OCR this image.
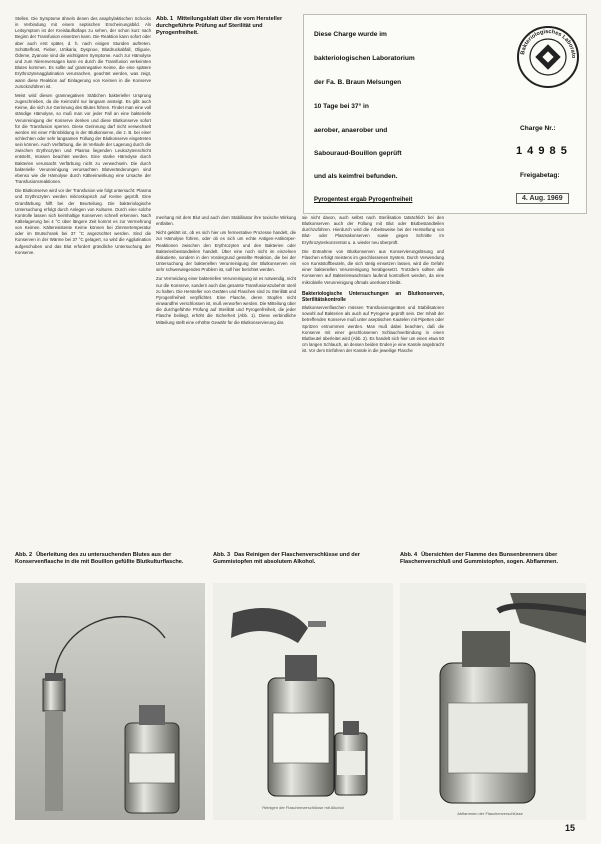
Stellen. Die Symptome ähneln denen des anaphylaktischen Schocks in Verbindung mit einem septischen Erscheinungsbild. Als Leitsymptom ist der Kreislaufkollaps zu sehen, der schon kurz nach Beginn der Transfusion einsetzen kann. Die Reaktion kann sofort oder aber auch erst später, d. h. nach einigen Stunden auftreten. Schüttelfrost, Fieber, Urtikaria, Dyspnoe, Blutdruckabfall, Oligurie, Ödeme, Zyanose sind die wichtigsten Symptome. Auch zur Hämolyse und zum Nierenversagen kann es durch die Transfusion verkeimten Blutes kommen. Es sollte auf gramnegative Keime, die eine spätere Erythrozytenagglutination verursachen, geachtet werden, was zeigt, wann diese Reaktion auf Einlagerung von Keimen in die Konserve zurückzuführen ist.

Meist wird diesen gramnegativen Stäbchen bakterieller Ursprung zugeschrieben, da die Keimzahl nur langsam ansteigt. Es gibt auch Keime, die sich zur Gerinnung des Blutes führen. Findet man eine voll ständige Hämolyse, so muß man vor jeder Fall an eine bakterielle Verunreinigung der Konserve denken und diese Blutkonserve sofort für die Transfusion sperren. Diese Gerinnung darf nicht verwechselt werden mit einer Fibrinbildung in der Blutkonserve, die z. B. bei einer schlechten oder sehr langsamen Füllung der Blutkonserve eingetreten sein können. Auch Verfärbung, die im Verlaufe der Lagerung durch die zwischen Erythrozyten und Plasma liegenden Leukozytenschicht entsteht, müssen beachtet werden. Eine starke Hämolyse durch Bakterien verursacht Verfärbung nicht zu verwechseln. Die durch bakterielle Verunreinigung verursachten Blutveränderungen sind ebenso wie die Hämolyse durch Kälteeinwirkung eine Ursache der Transfusionsreaktionen.

Die Blutkonserve wird vor der Transfusion wie folgt untersucht: Plasma und Erythrozyten werden mikroskopisch auf Keime geprüft. Eine Gramfärbung hilft bei der Beurteilung. Die bakteriologische Untersuchung erfolgt durch Anlegen von Kulturen. Durch eine solche Kontrolle lassen sich keimhaltige Konserven schnell erkennen. Nach Kältelagerung bei 4 °C über längere Zeit kommt es zur Vermehrung von Keimen. Kälteresistente Keime können bei Zimmertemperatur oder im Brutschrank bei 37 °C angezüchtet werden. Sind die Konserven in der Wärme bei 37 °C gelagert, so wird die Agglutination aufgeschoben und das Blut erfordert gründliche Untersuchung der Konserve.

Abb. 1 Mitteilungsblatt über die vom Hersteller durchgeführte Prüfung auf Sterilität und Pyrogenfreiheit.	Diese Charge wurde im
bakteriologischen Laboratorium
der Fa. B. Braun Melsungen
10 Tage bei 37° in
aerober, anaerober und
Sabouraud-Bouillon geprüft
und als keimfrei befunden.
Pyrogentest ergab Pyrogenfreiheit
Bakteriologisches Laborato
Charge Nr.:
1 4 9 8 5
Freigabetag:
4. Aug. 1969

menhang mit dem Blut und auch dem Stabilisator ihre toxische Wirkung entfalten.

Nicht geklärt ist, ob es sich hier um fermentative Prozesse handelt, die zur Hämolyse führen, oder ob es sich um echte Antigen-Antikörper-Reaktionen zwischen den Erythrozyten und den Bakterien oder Bakterienbestandteilen handelt. Über eine noch nicht im einzelnen diskutierte, sondern in den Vordergrund gestellte Reaktion, die bei der Untersuchung der bakteriellen Verunreinigung der Blutkonserven ein sehr schwerwiegendes Problem ist, soll hier berichtet werden.

Zur Vermeidung einer bakteriellen Verunreinigung ist es notwendig, nicht nur die Konserve, sondern auch das gesamte Transfusionszubehör steril zu halten. Die Hersteller von Geräten und Flaschen sind zu Sterilität und Pyrogenfreiheit verpflichtet. Eine Flasche, deren Stopfen nicht einwandfrei verschlossen ist, muß verworfen werden. Die Mitteilung über die durchgeführte Prüfung auf Sterilität und Pyrogenfreiheit, die jeder Flasche beiliegt, erhöht die Sicherheit (Abb. 1). Diese verbindliche Mitteilung stellt eine erhöhte Gewähr für die Blutkonservierung dar.

sie nicht davon, auch selbst nach Sterilisation tatsächlich bei den Blutkonserven auch der Füllung mit Blut oder Blutbestandteilen durchzuführen. Hierdurch wird die Arbeitsweise bei der Herstellung von Blut- oder Plasmakonserven sowie gegen Schnitte im Erythrozytenkonzentrat u. a. wieder neu überprüft.

Die Entnahme von Blutkonserven aus Konservierungslösung und Flaschen erfolgt meistens im geschlossenen System. Durch Verwendung von Kunststoffbeuteln, die sich stetig einsetzen lassen, wird die Gefahr einer bakteriellen Verunreinigung herabgesetzt. Trotzdem sollten alle Konserven auf Bakterienwachstum laufend kontrolliert werden, da eine mikrobielle Verunreinigung oftmals unerkannt bleibt.

Bakteriologische Untersuchungen an Blutkonserven, Sterilitätskontrolle

Blutkonservenflaschen müssen Transfusionsgeräten und Stabilisatoren sowohl auf Bakterien als auch auf Pyrogene geprüft sein. Der Inhalt der betreffenden Konserve muß unter aseptischen Kautelen mit Pipetten oder Spritzen entnommen werden. Man muß dabei beachten, daß die Konserve mit einer geschlossenen Schlauchverbindung in einen Blutbeutel überleitet wird (Abb. 2). Es handelt sich hier um einen etwa 50 cm langen Schlauch, an dessen beiden Enden je eine Kanüle angebracht ist. Vor dem Einführen der Kanüle in die jeweilige Flasche

Abb. 2 Überleitung des zu untersuchenden Blutes aus der Konservenflasche in die mit Bouillon gefüllte Blutkulturflasche.
Abb. 3 Das Reinigen der Flaschenverschlüsse und der Gummistopfen mit absolutem Alkohol.
Abb. 4 Übersichten der Flamme des Bunsenbrenners über Flaschenverschluß und Gummistopfen, sogen. Abflammen.
Reinigen der Flaschenverschlüsse mit Alkohol
Abflammen der Flaschenverschlüsse
15
